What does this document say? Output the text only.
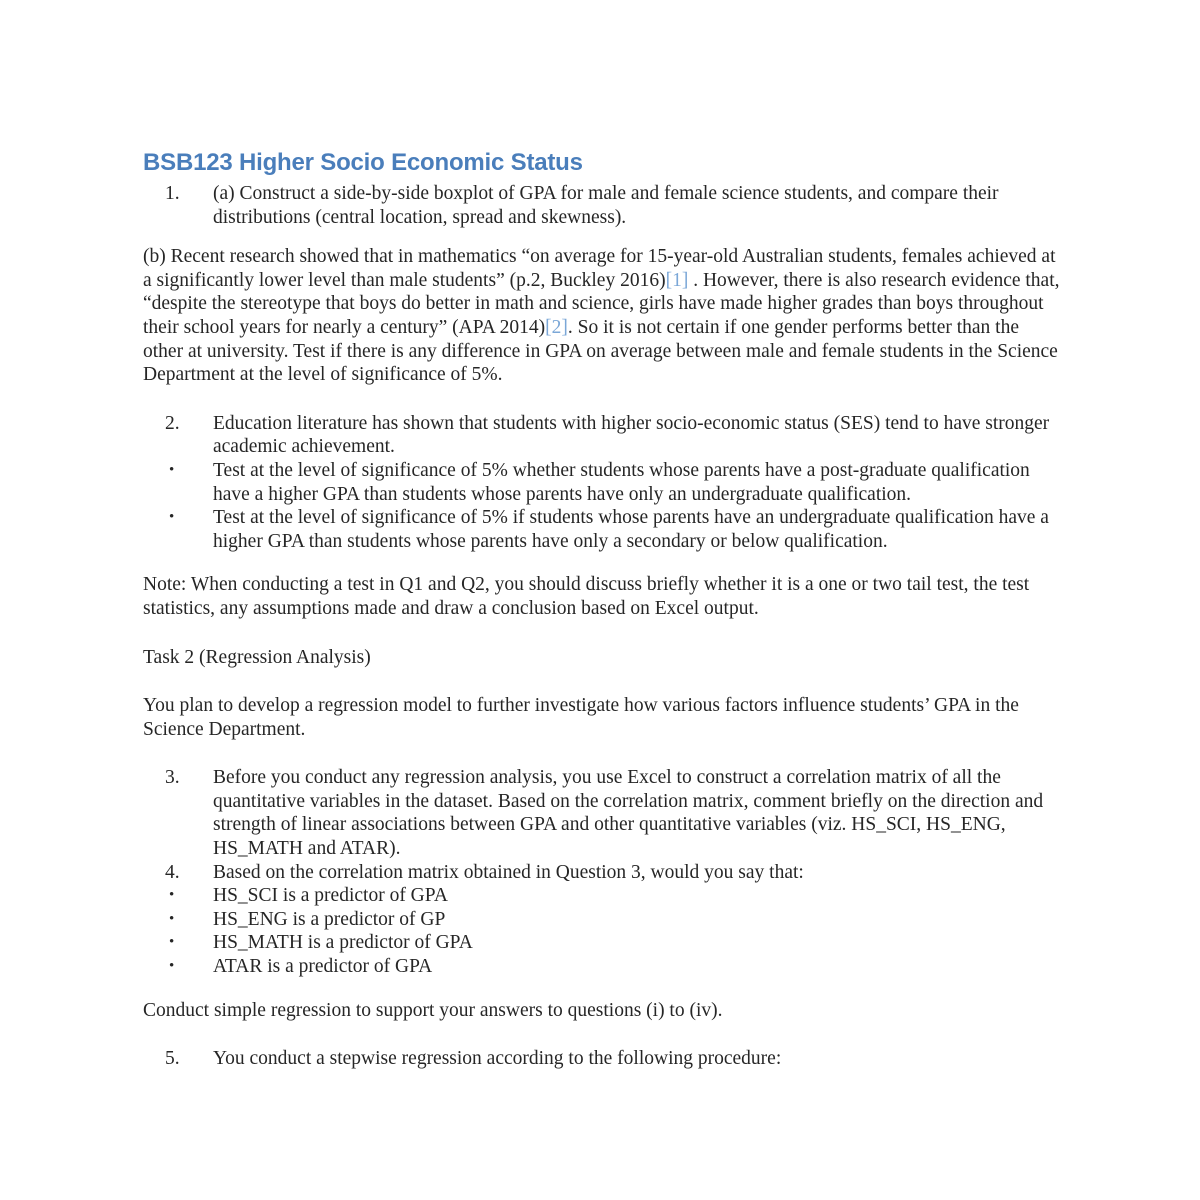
BSB123 Higher Socio Economic Status
1.	(a) Construct a side-by-side boxplot of GPA for male and female science students, and compare their distributions (central location, spread and skewness).

(b) Recent research showed that in mathematics “on average for 15-year-old Australian students, females achieved at a significantly lower level than male students” (p.2, Buckley 2016)[1] . However, there is also research evidence that, “despite the stereotype that boys do better in math and science, girls have made higher grades than boys throughout their school years for nearly a century” (APA 2014)[2]. So it is not certain if one gender performs better than the other at university. Test if there is any difference in GPA on average between male and female students in the Science Department at the level of significance of 5%.

2.	Education literature has shown that students with higher socio-economic status (SES) tend to have stronger academic achievement.
•	Test at the level of significance of 5% whether students whose parents have a post-graduate qualification have a higher GPA than students whose parents have only an undergraduate qualification.
•	Test at the level of significance of 5% if students whose parents have an undergraduate qualification have a higher GPA than students whose parents have only a secondary or below qualification.

Note: When conducting a test in Q1 and Q2, you should discuss briefly whether it is a one or two tail test, the test statistics, any assumptions made and draw a conclusion based on Excel output.

Task 2 (Regression Analysis)

You plan to develop a regression model to further investigate how various factors influence students’ GPA in the Science Department.

3.	Before you conduct any regression analysis, you use Excel to construct a correlation matrix of all the quantitative variables in the dataset. Based on the correlation matrix, comment briefly on the direction and strength of linear associations between GPA and other quantitative variables (viz. HS_SCI, HS_ENG, HS_MATH and ATAR).
4.	Based on the correlation matrix obtained in Question 3, would you say that:
•	HS_SCI is a predictor of GPA
•	HS_ENG is a predictor of GP
•	HS_MATH is a predictor of GPA
•	ATAR is a predictor of GPA

Conduct simple regression to support your answers to questions (i) to (iv).

5.	You conduct a stepwise regression according to the following procedure:
